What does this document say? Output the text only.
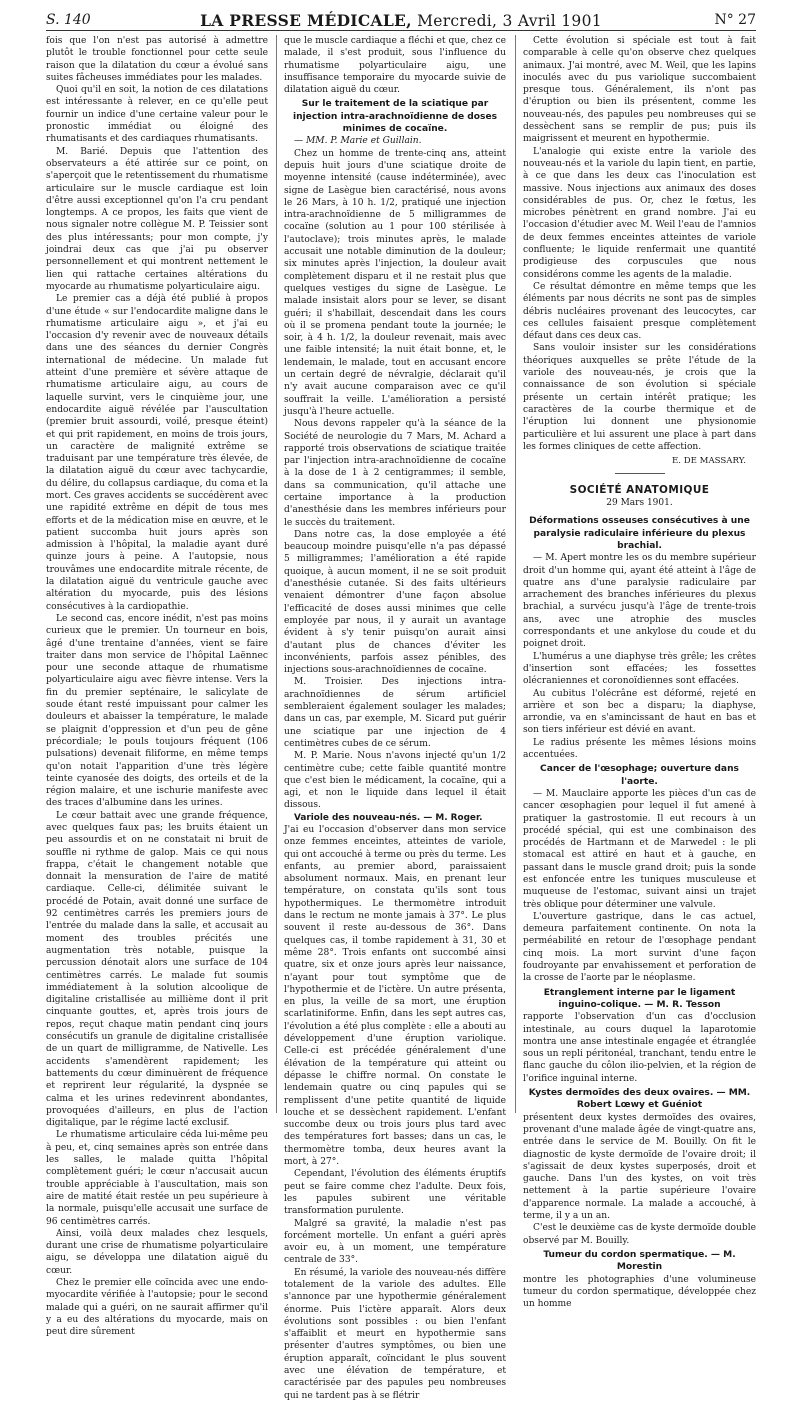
S. 140	LA PRESSE MÉDICALE, Mercredi, 3 Avril 1901	N° 27

fois que l'on n'est pas autorisé à admettre plutôt le trouble fonctionnel pour cette seule raison que la dilatation du cœur a évolué sans suites fâcheuses immédiates pour les malades.

Quoi qu'il en soit, la notion de ces dilatations est intéressante à relever, en ce qu'elle peut fournir un indice d'une certaine valeur pour le pronostic immédiat ou éloigné des rhumatisants et des cardiaques rhumatisants.

M. Barié. Depuis que l'attention des observateurs a été attirée sur ce point, on s'aperçoit que le retentissement du rhumatisme articulaire sur le muscle cardiaque est loin d'être aussi exceptionnel qu'on l'a cru pendant longtemps. A ce propos, les faits que vient de nous signaler notre collègue M. P. Teissier sont des plus intéressants; pour mon compte, j'y joindrai deux cas que j'ai pu observer personnellement et qui montrent nettement le lien qui rattache certaines altérations du myocarde au rhumatisme polyarticulaire aigu.

Le premier cas a déjà été publié à propos d'une étude « sur l'endocardite maligne dans le rhumatisme articulaire aigu », et j'ai eu l'occasion d'y revenir avec de nouveaux détails dans une des séances du dernier Congrès international de médecine. Un malade fut atteint d'une première et sévère attaque de rhumatisme articulaire aigu, au cours de laquelle survint, vers le cinquième jour, une endocardite aiguë révélée par l'auscultation (premier bruit assourdi, voilé, presque éteint) et qui prit rapidement, en moins de trois jours, un caractère de malignité extrême se traduisant par une température très élevée, de la dilatation aiguë du cœur avec tachycardie, du délire, du collapsus cardiaque, du coma et la mort. Ces graves accidents se succédèrent avec une rapidité extrême en dépit de tous mes efforts et de la médication mise en œuvre, et le patient succomba huit jours après son admission à l'hôpital, la maladie ayant duré quinze jours à peine. A l'autopsie, nous trouvâmes une endocardite mitrale récente, de la dilatation aiguë du ventricule gauche avec altération du myocarde, puis des lésions consécutives à la cardiopathie.

Le second cas, encore inédit, n'est pas moins curieux que le premier. Un tourneur en bois, âgé d'une trentaine d'années, vient se faire traiter dans mon service de l'hôpital Laënnec pour une seconde attaque de rhumatisme polyarticulaire aigu avec fièvre intense. Vers la fin du premier septénaire, le salicylate de soude étant resté impuissant pour calmer les douleurs et abaisser la température, le malade se plaignit d'oppression et d'un peu de gêne précordiale; le pouls toujours fréquent (106 pulsations) devenait filiforme, en même temps qu'on notait l'apparition d'une très légère teinte cyanosée des doigts, des orteils et de la région malaire, et une ischurie manifeste avec des traces d'albumine dans les urines.

Le cœur battait avec une grande fréquence, avec quelques faux pas; les bruits étaient un peu assourdis et on ne constatait ni bruit de souffle ni rythme de galop. Mais ce qui nous frappa, c'était le changement notable que donnait la mensuration de l'aire de matité cardiaque. Celle-ci, délimitée suivant le procédé de Potain, avait donné une surface de 92 centimètres carrés les premiers jours de l'entrée du malade dans la salle, et accusait au moment des troubles précités une augmentation très notable, puisque la percussion dénotait alors une surface de 104 centimètres carrés. Le malade fut soumis immédiatement à la solution alcoolique de digitaline cristallisée au millième dont il prit cinquante gouttes, et, après trois jours de repos, reçut chaque matin pendant cinq jours consécutifs un granule de digitaline cristallisée de un quart de milligramme, de Nativelle. Les accidents s'amendèrent rapidement; les battements du cœur diminuèrent de fréquence et reprirent leur régularité, la dyspnée se calma et les urines redevinrent abondantes, provoquées d'ailleurs, en plus de l'action digitalique, par le régime lacté exclusif.

Le rhumatisme articulaire céda lui-même peu à peu, et, cinq semaines après son entrée dans les salles, le malade quitta l'hôpital complètement guéri; le cœur n'accusait aucun trouble appréciable à l'auscultation, mais son aire de matité était restée un peu supérieure à la normale, puisqu'elle accusait une surface de 96 centimètres carrés.

Ainsi, voilà deux malades chez lesquels, durant une crise de rhumatisme polyarticulaire aigu, se développa une dilatation aiguë du cœur.

Chez le premier elle coïncida avec une endo-myocardite vérifiée à l'autopsie; pour le second malade qui a guéri, on ne saurait affirmer qu'il y a eu des altérations du myocarde, mais on peut dire sûrement

que le muscle cardiaque a fléchi et que, chez ce malade, il s'est produit, sous l'influence du rhumatisme polyarticulaire aigu, une insuffisance temporaire du myocarde suivie de dilatation aiguë du cœur.

Sur le traitement de la sciatique par injection intra-arachnoïdienne de doses minimes de cocaïne.

— MM. P. Marie et Guillain.

Chez un homme de trente-cinq ans, atteint depuis huit jours d'une sciatique droite de moyenne intensité (cause indéterminée), avec signe de Lasègue bien caractérisé, nous avons le 26 Mars, à 10 h. 1/2, pratiqué une injection intra-arachnoïdienne de 5 milligrammes de cocaïne (solution au 1 pour 100 stérilisée à l'autoclave); trois minutes après, le malade accusait une notable diminution de la douleur; six minutes après l'injection, la douleur avait complètement disparu et il ne restait plus que quelques vestiges du signe de Lasègue. Le malade insistait alors pour se lever, se disant guéri; il s'habillait, descendait dans les cours où il se promena pendant toute la journée; le soir, à 4 h. 1/2, la douleur revenait, mais avec une faible intensité; la nuit était bonne, et, le lendemain, le malade, tout en accusant encore un certain degré de névralgie, déclarait qu'il n'y avait aucune comparaison avec ce qu'il souffrait la veille. L'amélioration a persisté jusqu'à l'heure actuelle.

Nous devons rappeler qu'à la séance de la Société de neurologie du 7 Mars, M. Achard a rapporté trois observations de sciatique traitée par l'injection intra-arachnoïdienne de cocaïne à la dose de 1 à 2 centigrammes; il semble, dans sa communication, qu'il attache une certaine importance à la production d'anesthésie dans les membres inférieurs pour le succès du traitement.

Dans notre cas, la dose employée a été beaucoup moindre puisqu'elle n'a pas dépassé 5 milligrammes; l'amélioration a été rapide quoique, à aucun moment, il ne se soit produit d'anesthésie cutanée. Si des faits ultérieurs venaient démontrer d'une façon absolue l'efficacité de doses aussi minimes que celle employée par nous, il y aurait un avantage évident à s'y tenir puisqu'on aurait ainsi d'autant plus de chances d'éviter les inconvénients, parfois assez pénibles, des injections sous-arachnoïdiennes de cocaïne.

M. Troisier. Des injections intra-arachnoïdiennes de sérum artificiel sembleraient également soulager les malades; dans un cas, par exemple, M. Sicard put guérir une sciatique par une injection de 4 centimètres cubes de ce sérum.

M. P. Marie. Nous n'avons injecté qu'un 1/2 centimètre cube; cette faible quantité montre que c'est bien le médicament, la cocaïne, qui a agi, et non le liquide dans lequel il était dissous.

Variole des nouveau-nés. — M. Roger.

J'ai eu l'occasion d'observer dans mon service onze femmes enceintes, atteintes de variole, qui ont accouché à terme ou près du terme. Les enfants, au premier abord, paraissaient absolument normaux. Mais, en prenant leur température, on constata qu'ils sont tous hypothermiques. Le thermomètre introduit dans le rectum ne monte jamais à 37°. Le plus souvent il reste au-dessous de 36°. Dans quelques cas, il tombe rapidement à 31, 30 et même 28°. Trois enfants ont succombé ainsi quatre, six et onze jours après leur naissance, n'ayant pour tout symptôme que de l'hypothermie et de l'ictère. Un autre présenta, en plus, la veille de sa mort, une éruption scarlatiniforme. Enfin, dans les sept autres cas, l'évolution a été plus complète : elle a abouti au développement d'une éruption variolique. Celle-ci est précédée généralement d'une élévation de la température qui atteint ou dépasse le chiffre normal. On constate le lendemain quatre ou cinq papules qui se remplissent d'une petite quantité de liquide louche et se dessèchent rapidement. L'enfant succombe deux ou trois jours plus tard avec des températures fort basses; dans un cas, le thermomètre tomba, deux heures avant la mort, à 27°.

Cependant, l'évolution des éléments éruptifs peut se faire comme chez l'adulte. Deux fois, les papules subirent une véritable transformation purulente.

Malgré sa gravité, la maladie n'est pas forcément mortelle. Un enfant a guéri après avoir eu, à un moment, une température centrale de 33°.

En résumé, la variole des nouveau-nés diffère totalement de la variole des adultes. Elle s'annonce par une hypothermie généralement énorme. Puis l'ictère apparaît. Alors deux évolutions sont possibles : ou bien l'enfant s'affaiblit et meurt en hypothermie sans présenter d'autres symptômes, ou bien une éruption apparaît, coïncidant le plus souvent avec une élévation de température, et caractérisée par des papules peu nombreuses qui ne tardent pas à se flétrir

Cette évolution si spéciale est tout à fait comparable à celle qu'on observe chez quelques animaux. J'ai montré, avec M. Weil, que les lapins inoculés avec du pus variolique succombaient presque tous. Généralement, ils n'ont pas d'éruption ou bien ils présentent, comme les nouveau-nés, des papules peu nombreuses qui se dessèchent sans se remplir de pus; puis ils maigrissent et meurent en hypothermie.

L'analogie qui existe entre la variole des nouveau-nés et la variole du lapin tient, en partie, à ce que dans les deux cas l'inoculation est massive. Nous injections aux animaux des doses considérables de pus. Or, chez le fœtus, les microbes pénètrent en grand nombre. J'ai eu l'occasion d'étudier avec M. Weil l'eau de l'amnios de deux femmes enceintes atteintes de variole confluente; le liquide renfermait une quantité prodigieuse des corpuscules que nous considérons comme les agents de la maladie.

Ce résultat démontre en même temps que les éléments par nous décrits ne sont pas de simples débris nucléaires provenant des leucocytes, car ces cellules faisaient presque complètement défaut dans ces deux cas.

Sans vouloir insister sur les considérations théoriques auxquelles se prête l'étude de la variole des nouveau-nés, je crois que la connaissance de son évolution si spéciale présente un certain intérêt pratique; les caractères de la courbe thermique et de l'éruption lui donnent une physionomie particulière et lui assurent une place à part dans les formes cliniques de cette affection.

E. DE MASSARY.
SOCIÉTÉ ANATOMIQUE
29 Mars 1901.
Déformations osseuses consécutives à une paralysie radiculaire inférieure du plexus brachial.

— M. Apert montre les os du membre supérieur droit d'un homme qui, ayant été atteint à l'âge de quatre ans d'une paralysie radiculaire par arrachement des branches inférieures du plexus brachial, a survécu jusqu'à l'âge de trente-trois ans, avec une atrophie des muscles correspondants et une ankylose du coude et du poignet droit.

L'humérus a une diaphyse très grêle; les crêtes d'insertion sont effacées; les fossettes olécraniennes et coronoïdiennes sont effacées.

Au cubitus l'olécrâne est déformé, rejeté en arrière et son bec a disparu; la diaphyse, arrondie, va en s'amincissant de haut en bas et son tiers inférieur est dévié en avant.

Le radius présente les mêmes lésions moins accentuées.

Cancer de l'œsophage; ouverture dans l'aorte.

— M. Mauclaire apporte les pièces d'un cas de cancer œsophagien pour lequel il fut amené à pratiquer la gastrostomie. Il eut recours à un procédé spécial, qui est une combinaison des procédés de Hartmann et de Marwedel : le pli stomacal est attiré en haut et à gauche, en passant dans le muscle grand droit; puis la sonde est enfoncée entre les tuniques musculeuse et muqueuse de l'estomac, suivant ainsi un trajet très oblique pour déterminer une valvule.

L'ouverture gastrique, dans le cas actuel, demeura parfaitement continente. On nota la perméabilité en retour de l'œsophage pendant cinq mois. La mort survint d'une façon foudroyante par envahissement et perforation de la crosse de l'aorte par le néoplasme.

Etranglement interne par le ligament inguino-colique. — M. R. Tesson

rapporte l'observation d'un cas d'occlusion intestinale, au cours duquel la laparotomie montra une anse intestinale engagée et étranglée sous un repli péritonéal, tranchant, tendu entre le flanc gauche du côlon ilio-pelvien, et la région de l'orifice inguinal interne.

Kystes dermoïdes des deux ovaires. — MM. Robert Lœwy et Guéniot

présentent deux kystes dermoïdes des ovaires, provenant d'une malade âgée de vingt-quatre ans, entrée dans le service de M. Bouilly. On fit le diagnostic de kyste dermoïde de l'ovaire droit; il s'agissait de deux kystes superposés, droit et gauche. Dans l'un des kystes, on voit très nettement à la partie supérieure l'ovaire d'apparence normale. La malade a accouché, à terme, il y a un an.

C'est le deuxième cas de kyste dermoïde double observé par M. Bouilly.

Tumeur du cordon spermatique. — M. Morestin

montre les photographies d'une volumineuse tumeur du cordon spermatique, développée chez un homme
